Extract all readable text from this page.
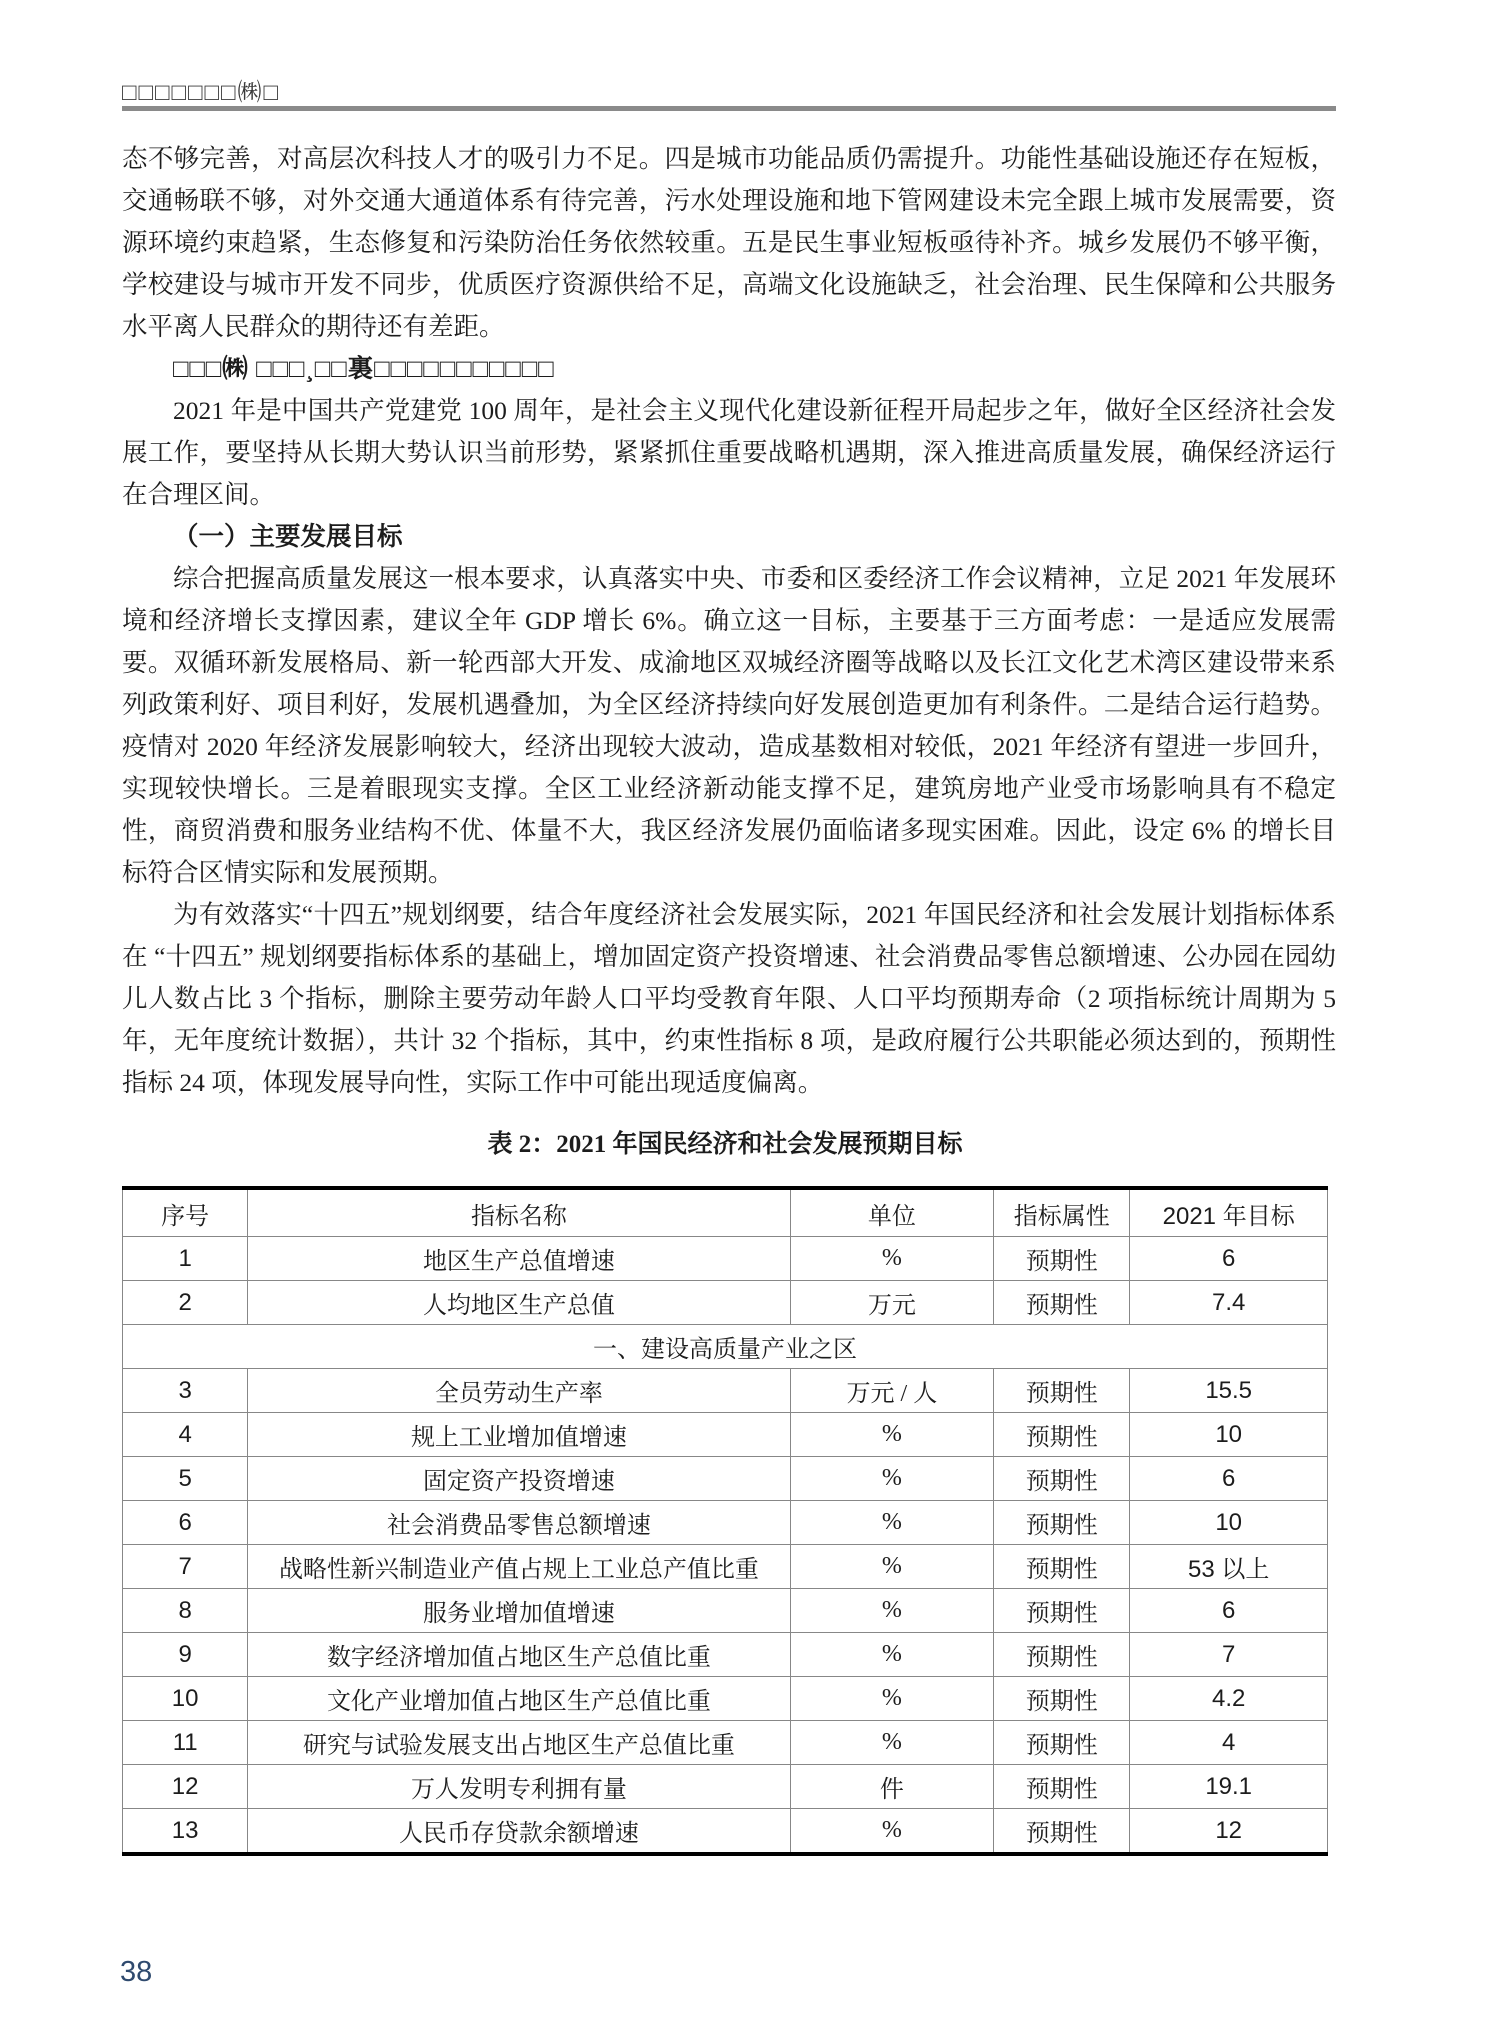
□□□□□□□㈱□

态不够完善，对高层次科技人才的吸引力不足。四是城市功能品质仍需提升。功能性基础设施还存在短板，交通畅联不够，对外交通大通道体系有待完善，污水处理设施和地下管网建设未完全跟上城市发展需要，资源环境约束趋紧，生态修复和污染防治任务依然较重。五是民生事业短板亟待补齐。城乡发展仍不够平衡，学校建设与城市开发不同步，优质医疗资源供给不足，高端文化设施缺乏，社会治理、民生保障和公共服务水平离人民群众的期待还有差距。

□□□㈱ □□□¸□□裏□□□□□□□□□□□

2021 年是中国共产党建党 100 周年，是社会主义现代化建设新征程开局起步之年，做好全区经济社会发展工作，要坚持从长期大势认识当前形势，紧紧抓住重要战略机遇期，深入推进高质量发展，确保经济运行在合理区间。

（一）主要发展目标

综合把握高质量发展这一根本要求，认真落实中央、市委和区委经济工作会议精神，立足 2021 年发展环境和经济增长支撑因素，建议全年 GDP 增长 6%。确立这一目标，主要基于三方面考虑：一是适应发展需要。双循环新发展格局、新一轮西部大开发、成渝地区双城经济圈等战略以及长江文化艺术湾区建设带来系列政策利好、项目利好，发展机遇叠加，为全区经济持续向好发展创造更加有利条件。二是结合运行趋势。疫情对 2020 年经济发展影响较大，经济出现较大波动，造成基数相对较低，2021 年经济有望进一步回升，实现较快增长。三是着眼现实支撑。全区工业经济新动能支撑不足，建筑房地产业受市场影响具有不稳定性，商贸消费和服务业结构不优、体量不大，我区经济发展仍面临诸多现实困难。因此，设定 6% 的增长目标符合区情实际和发展预期。

为有效落实“十四五”规划纲要，结合年度经济社会发展实际，2021 年国民经济和社会发展计划指标体系在 “十四五” 规划纲要指标体系的基础上，增加固定资产投资增速、社会消费品零售总额增速、公办园在园幼儿人数占比 3 个指标，删除主要劳动年龄人口平均受教育年限、人口平均预期寿命（2 项指标统计周期为 5 年，无年度统计数据），共计 32 个指标，其中，约束性指标 8 项，是政府履行公共职能必须达到的，预期性指标 24 项，体现发展导向性，实际工作中可能出现适度偏离。

表 2：2021 年国民经济和社会发展预期目标
序号	指标名称	单位	指标属性	2021 年目标
1	地区生产总值增速	%	预期性	6
2	人均地区生产总值	万元	预期性	7.4
一、建设高质量产业之区				
3	全员劳动生产率	万元 / 人	预期性	15.5
4	规上工业增加值增速	%	预期性	10
5	固定资产投资增速	%	预期性	6
6	社会消费品零售总额增速	%	预期性	10
7	战略性新兴制造业产值占规上工业总产值比重	%	预期性	53 以上
8	服务业增加值增速	%	预期性	6
9	数字经济增加值占地区生产总值比重	%	预期性	7
10	文化产业增加值占地区生产总值比重	%	预期性	4.2
11	研究与试验发展支出占地区生产总值比重	%	预期性	4
12	万人发明专利拥有量	件	预期性	19.1
13	人民币存贷款余额增速	%	预期性	12
38
